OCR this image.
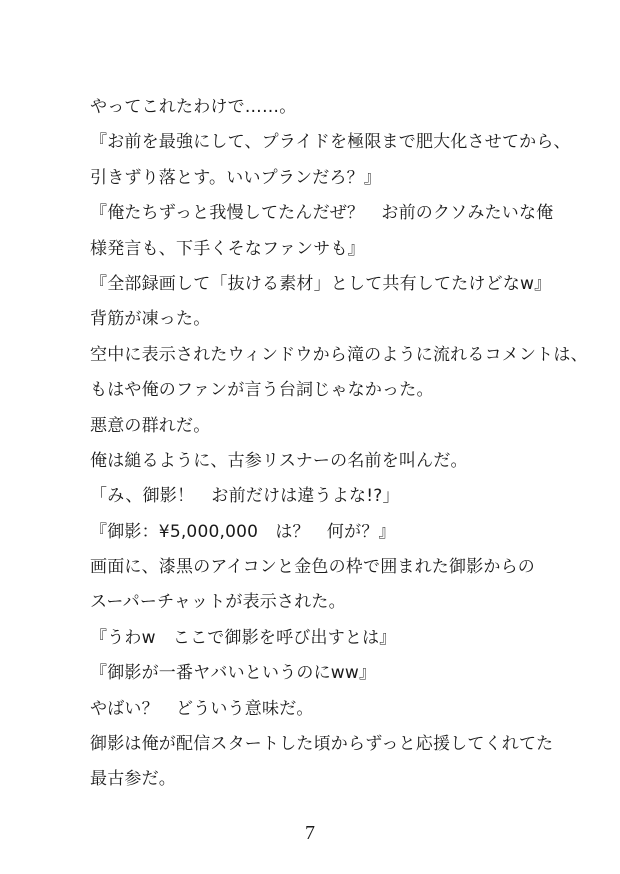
やってこれたわけで……。
『お前を最強にして、プライドを極限まで肥大化させてから、
引きずり落とす。いいプランだろ？』
『俺たちずっと我慢してたんだぜ？　お前のクソみたいな俺
様発言も、下手くそなファンサも』
『全部録画して「抜ける素材」として共有してたけどなw』
背筋が凍った。
空中に表示されたウィンドウから滝のように流れるコメントは、
もはや俺のファンが言う台詞じゃなかった。
悪意の群れだ。
俺は縋るように、古参リスナーの名前を叫んだ。
「み、御影！　お前だけは違うよな!?」
『御影：¥5,000,000　は？　何が？』
画面に、漆黒のアイコンと金色の枠で囲まれた御影からの
スーパーチャットが表示された。
『うわw　ここで御影を呼び出すとは』
『御影が一番ヤバいというのにww』
やばい？　どういう意味だ。
御影は俺が配信スタートした頃からずっと応援してくれてた
最古参だ。
7
